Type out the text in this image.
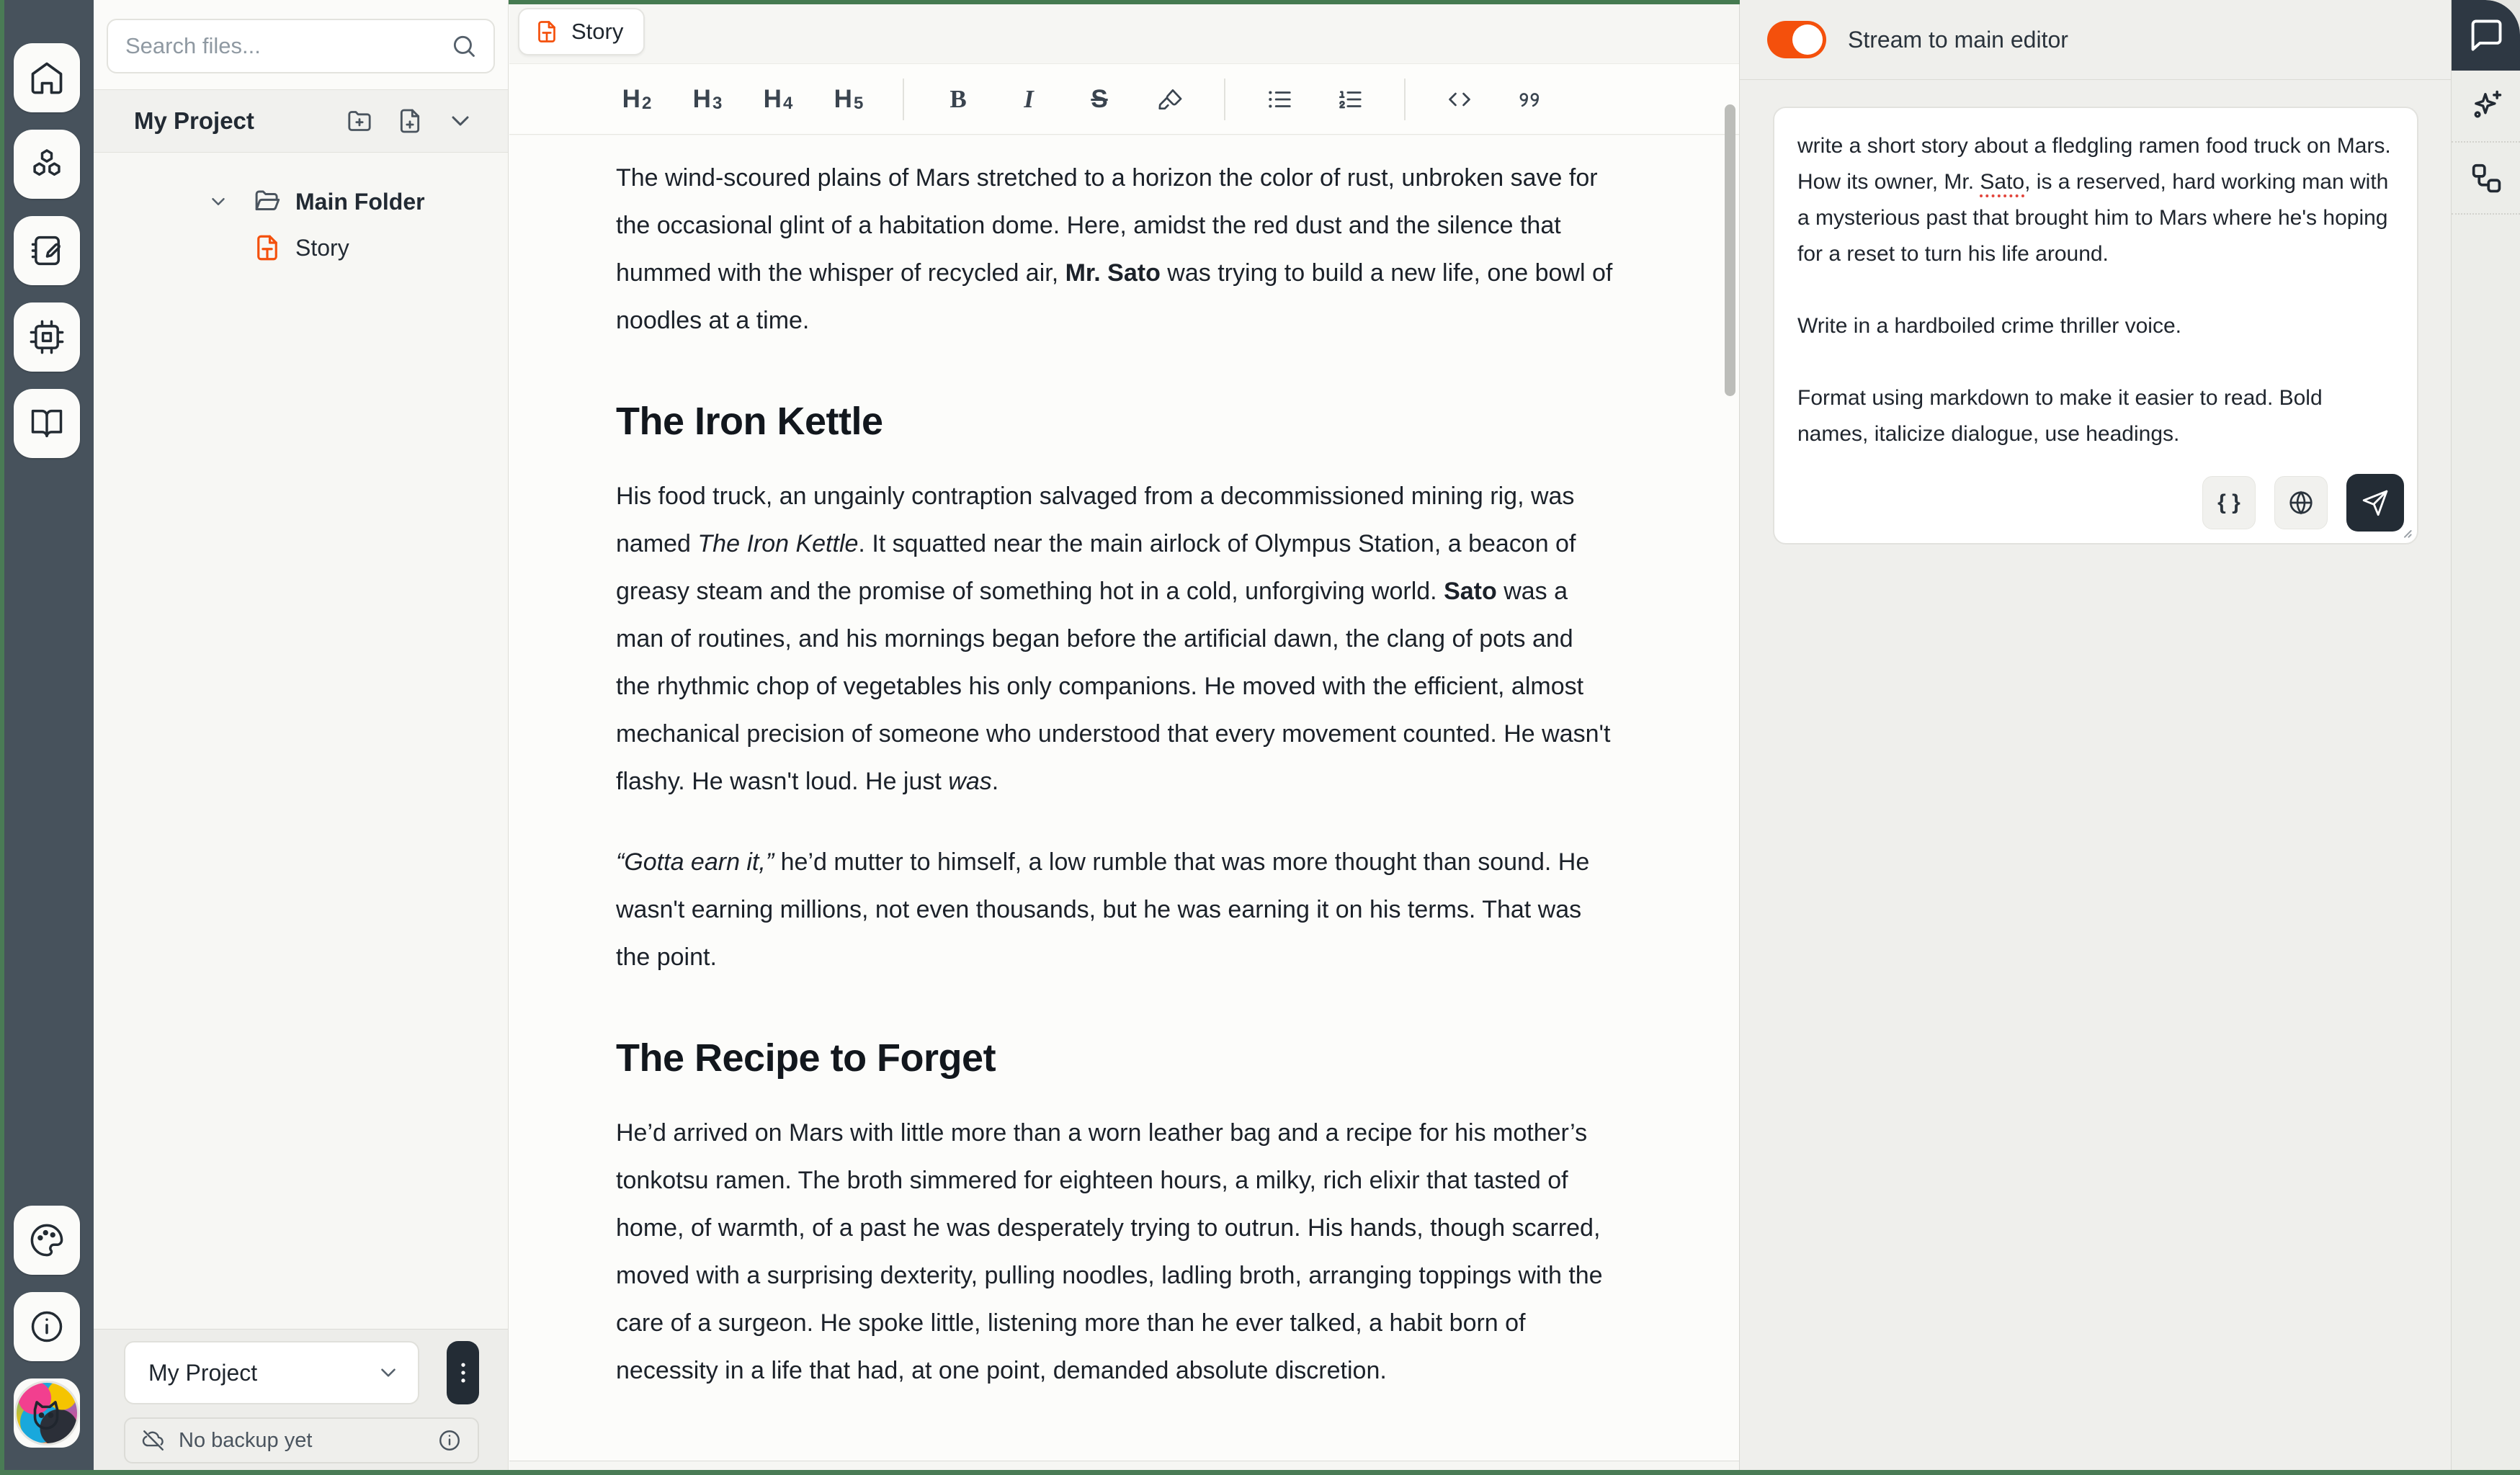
Search files...
My Project
Main Folder
Story
My Project
No backup yet
Story
H 2 H 3 H 4 H 5	B I S

The wind-scoured plains of Mars stretched to a horizon the color of rust, unbroken save for the occasional glint of a habitation dome. Here, amidst the red dust and the silence that hummed with the whisper of recycled air, Mr. Sato was trying to build a new life, one bowl of noodles at a time.

The Iron Kettle

His food truck, an ungainly contraption salvaged from a decommissioned mining rig, was named The Iron Kettle. It squatted near the main airlock of Olympus Station, a beacon of greasy steam and the promise of something hot in a cold, unforgiving world. Sato was a man of routines, and his mornings began before the artificial dawn, the clang of pots and the rhythmic chop of vegetables his only companions. He moved with the efficient, almost mechanical precision of someone who understood that every movement counted. He wasn't flashy. He wasn't loud. He just was.

“Gotta earn it,” he’d mutter to himself, a low rumble that was more thought than sound. He wasn't earning millions, not even thousands, but he was earning it on his terms. That was the point.

The Recipe to Forget

He’d arrived on Mars with little more than a worn leather bag and a recipe for his mother’s tonkotsu ramen. The broth simmered for eighteen hours, a milky, rich elixir that tasted of home, of warmth, of a past he was desperately trying to outrun. His hands, though scarred, moved with a surprising dexterity, pulling noodles, ladling broth, arranging toppings with the care of a surgeon. He spoke little, listening more than he ever talked, a habit born of necessity in a life that had, at one point, demanded absolute discretion.

Stream to main editor

write a short story about a fledgling ramen food truck on Mars. How its owner, Mr. Sato, is a reserved, hard working man with a mysterious past that brought him to Mars where he's hoping for a reset to turn his life around.

Write in a hardboiled crime thriller voice.

Format using markdown to make it easier to read. Bold names, italicize dialogue, use headings.

{ }
